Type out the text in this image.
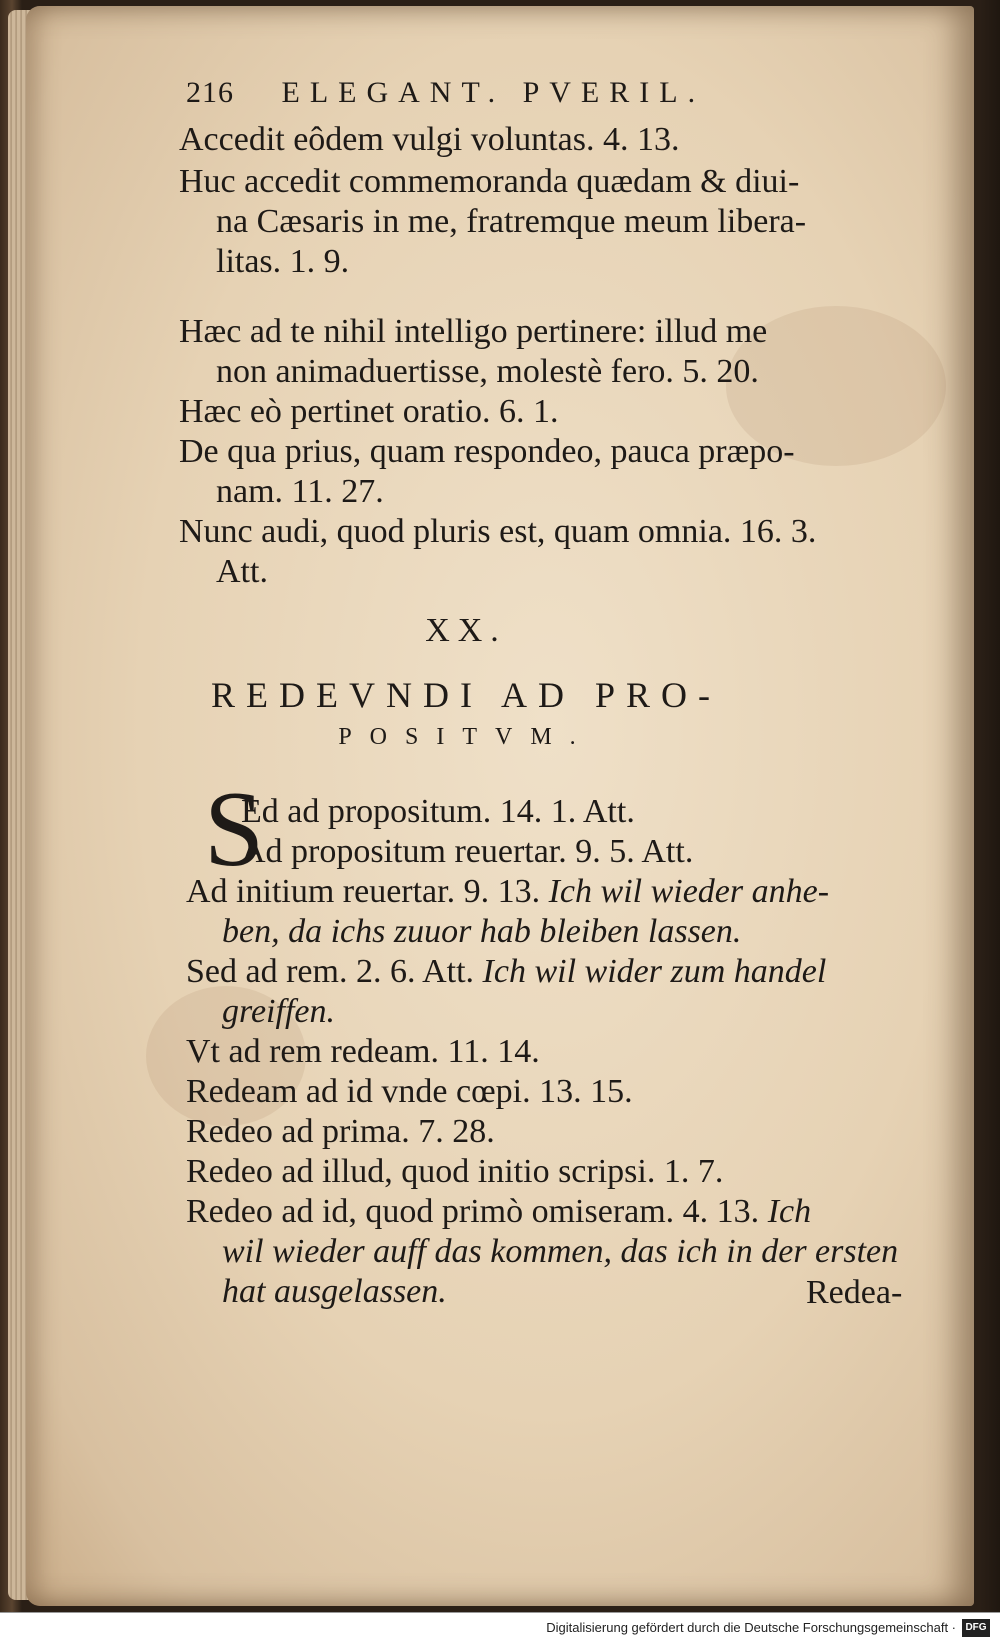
216 ELEGANT. PVERIL.
Accedit eôdem vulgi voluntas. 4. 13.
Huc accedit commemoranda quædam & diui-
na Cæsaris in me, fratremque meum libera-
litas. 1. 9.
Hæc ad te nihil intelligo pertinere: illud me
non animaduertisse, molestè fero. 5. 20.
Hæc eò pertinet oratio. 6. 1.
De qua prius, quam respondeo, pauca præpo-
nam. 11. 27.
Nunc audi, quod pluris est, quam omnia. 16. 3.
Att.
XX.
REDEVNDI AD PRO-
POSITVM.
S
Ed ad propositum. 14. 1. Att.
Ad propositum reuertar. 9. 5. Att.
Ad initium reuertar. 9. 13. Ich wil wieder anhe-
ben, da ichs zuuor hab bleiben lassen.
Sed ad rem. 2. 6. Att. Ich wil wider zum handel
greiffen.
Vt ad rem redeam. 11. 14.
Redeam ad id vnde cœpi. 13. 15.
Redeo ad prima. 7. 28.
Redeo ad illud, quod initio scripsi. 1. 7.
Redeo ad id, quod primò omiseram. 4. 13. Ich
wil wieder auff das kommen, das ich in der ersten
hat ausgelassen.	Redea-
Digitalisierung gefördert durch die Deutsche Forschungsgemeinschaft · DFG
